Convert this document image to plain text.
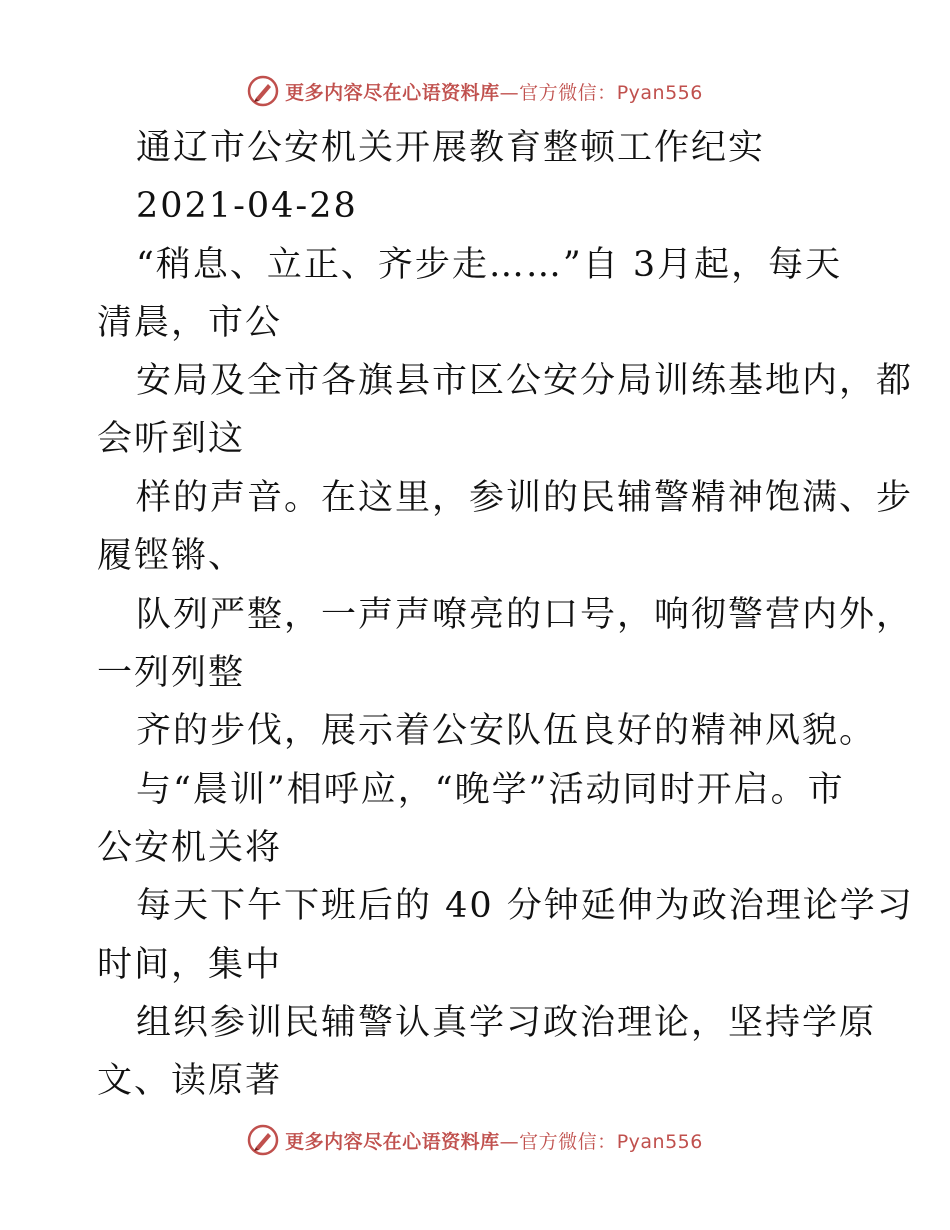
更多内容尽在心语资料库—官方微信：Pyan556
通辽市公安机关开展教育整顿工作纪实
2021-04-28
“稍息、立正、齐步走……”自 3月起，每天
清晨，市公
安局及全市各旗县市区公安分局训练基地内，都
会听到这
样的声音。在这里，参训的民辅警精神饱满、步
履铿锵、
队列严整，一声声嘹亮的口号，响彻警营内外，
一列列整
齐的步伐，展示着公安队伍良好的精神风貌。
与“晨训”相呼应，“晚学”活动同时开启。市
公安机关将
每天下午下班后的 40 分钟延伸为政治理论学习
时间，集中
组织参训民辅警认真学习政治理论，坚持学原
文、读原著
更多内容尽在心语资料库—官方微信：Pyan556
